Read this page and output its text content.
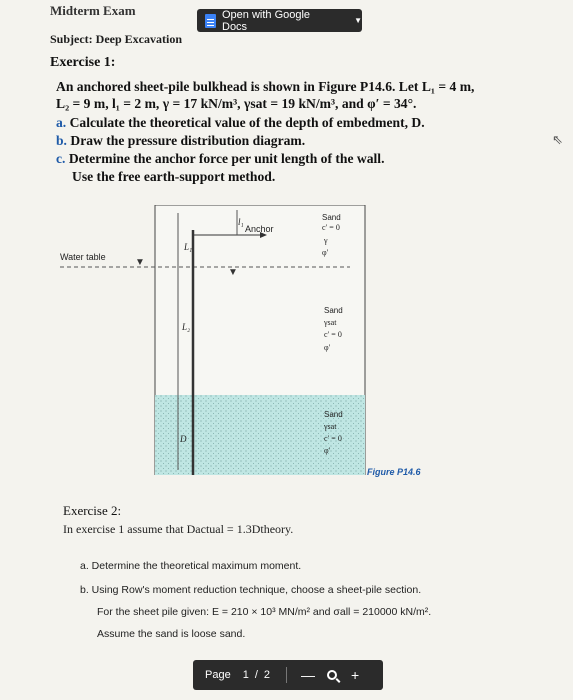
Midterm Exam	Open with Google Docs	▼
Subject: Deep Excavation
Exercise 1:
An anchored sheet-pile bulkhead is shown in Figure P14.6. Let L₁ = 4 m,
L₂ = 9 m, l₁ = 2 m, γ = 17 kN/m³, γsat = 19 kN/m³, and φ′ = 34°.
a. Calculate the theoretical value of the depth of embedment, D.
b. Draw the pressure distribution diagram.
c. Determine the anchor force per unit length of the wall.
Use the free earth-support method.
⇖
Water table	▼
▼
Anchor
l₁
L₁
L₂
D
Sand
c′ = 0
γ
φ′
Sand
γsat
c′ = 0
φ′
Sand
γsat
c′ = 0
φ′
Figure P14.6
Exercise 2:
In exercise 1 assume that Dactual = 1.3Dtheory.
a. Determine the theoretical maximum moment.
b. Using Row's moment reduction technique, choose a sheet-pile section.
For the sheet pile given: E = 210 × 10³ MN/m² and σall = 210000 kN/m².
Assume the sand is loose sand.
Page 1 / 2 —	+
